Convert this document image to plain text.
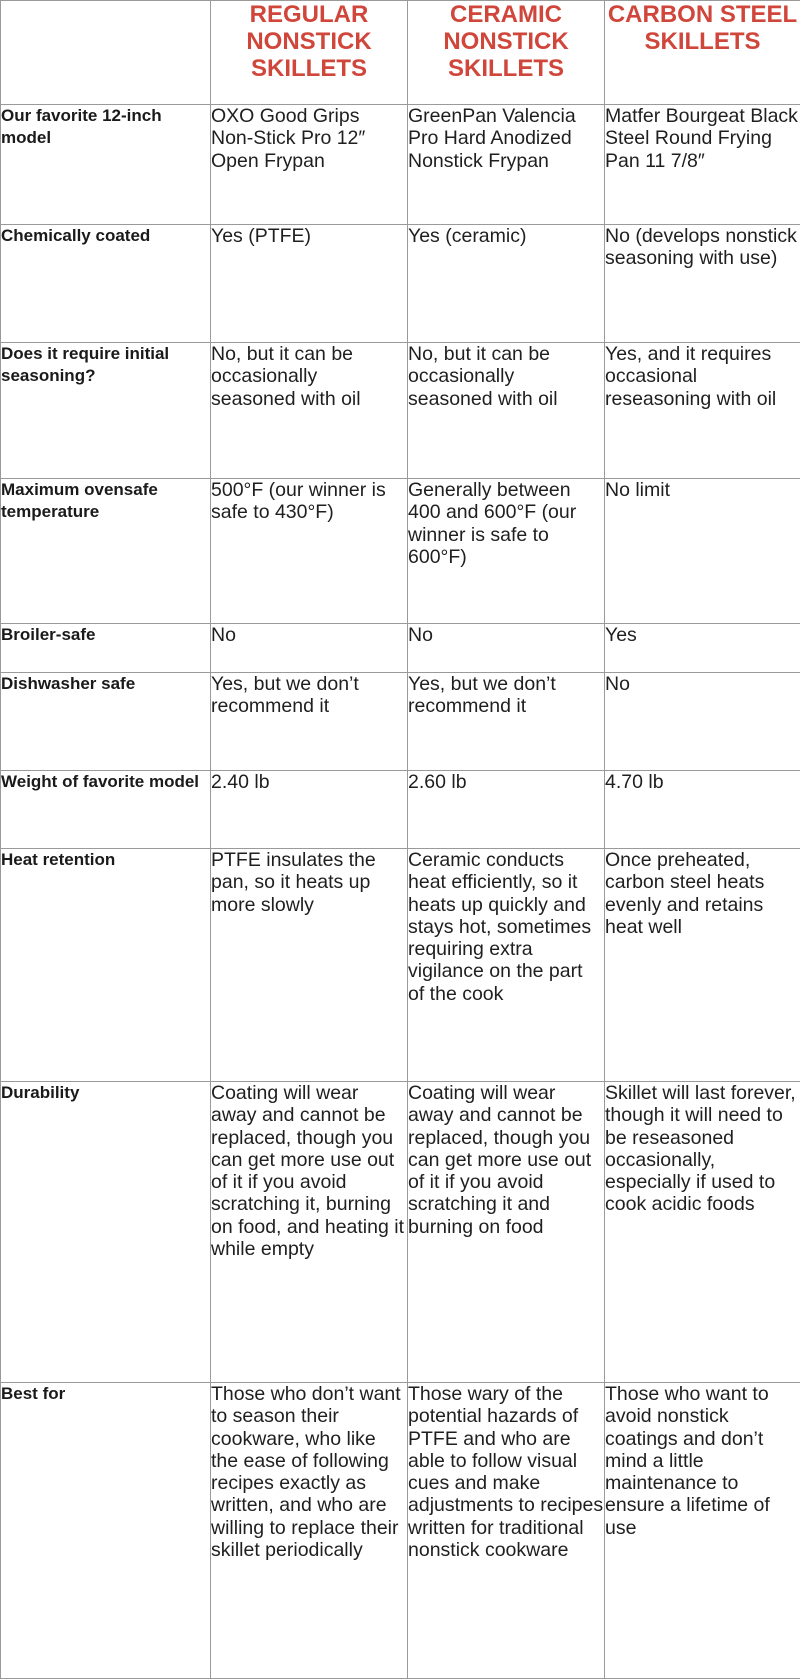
	REGULAR NONSTICK SKILLETS	CERAMIC NONSTICK SKILLETS	CARBON STEEL SKILLETS
Our favorite 12-inch model	OXO Good Grips Non-Stick Pro 12″ Open Frypan	GreenPan Valencia Pro Hard Anodized Nonstick Frypan	Matfer Bourgeat Black Steel Round Frying Pan 11 7/8″
Chemically coated	Yes (PTFE)	Yes (ceramic)	No (develops nonstick seasoning with use)
Does it require initial seasoning?	No, but it can be occasionally seasoned with oil	No, but it can be occasionally seasoned with oil	Yes, and it requires occasional reseasoning with oil
Maximum ovensafe temperature	500°F (our winner is safe to 430°F)	Generally between 400 and 600°F (our winner is safe to 600°F)	No limit
Broiler-safe	No	No	Yes
Dishwasher safe	Yes, but we don’t recommend it	Yes, but we don’t recommend it	No
Weight of favorite model	2.40 lb	2.60 lb	4.70 lb
Heat retention	PTFE insulates the pan, so it heats up more slowly	Ceramic conducts heat efficiently, so it heats up quickly and stays hot, sometimes requiring extra vigilance on the part of the cook	Once preheated, carbon steel heats evenly and retains heat well
Durability	Coating will wear away and cannot be replaced, though you can get more use out of it if you avoid scratching it, burning on food, and heating it while empty	Coating will wear away and cannot be replaced, though you can get more use out of it if you avoid scratching it and burning on food	Skillet will last forever, though it will need to be reseasoned occasionally, especially if used to cook acidic foods
Best for	Those who don’t want to season their cookware, who like the ease of following recipes exactly as written, and who are willing to replace their skillet periodically	Those wary of the potential hazards of PTFE and who are able to follow visual cues and make adjustments to recipes written for traditional nonstick cookware	Those who want to avoid nonstick coatings and don’t mind a little maintenance to ensure a lifetime of use
